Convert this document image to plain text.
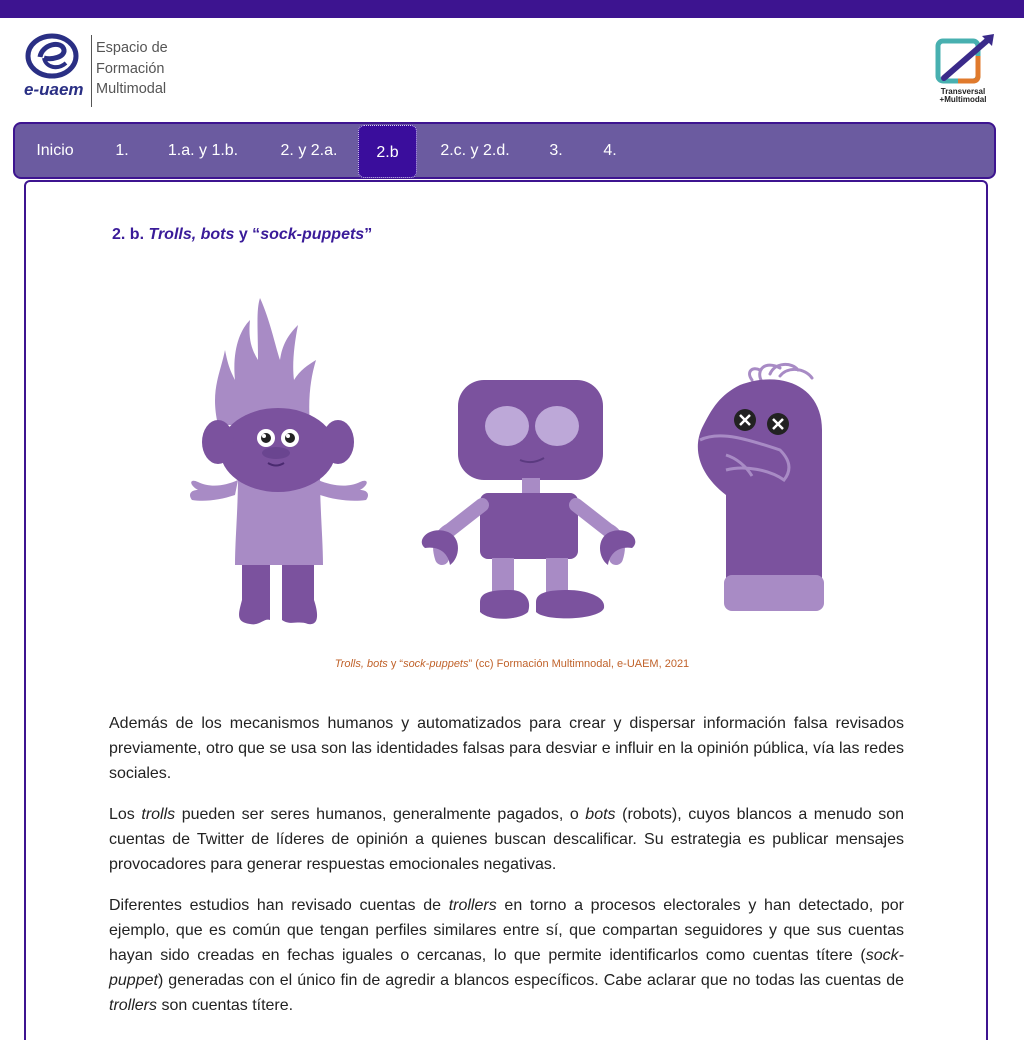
e-uaem
Espacio de
Formación
Multimodal	Transversal
+Multimodal
Inicio	1.	1.a. y 1.b.	2. y 2.a.	2.b	2.c. y 2.d.	3.	4.
2. b. Trolls, bots y “sock-puppets”
Trolls, bots y “sock-puppets” (cc) Formación Multimnodal, e-UAEM, 2021

Además de los mecanismos humanos y automatizados para crear y dispersar información falsa revisados previamente, otro que se usa son las identidades falsas para desviar e influir en la opinión pública, vía las redes sociales.

Los trolls pueden ser seres humanos, generalmente pagados, o bots (robots), cuyos blancos a menudo son cuentas de Twitter de líderes de opinión a quienes buscan descalificar. Su estrategia es publicar mensajes provocadores para generar respuestas emocionales negativas.

Diferentes estudios han revisado cuentas de trollers en torno a procesos electorales y han detectado, por ejemplo, que es común que tengan perfiles similares entre sí, que compartan seguidores y que sus cuentas hayan sido creadas en fechas iguales o cercanas, lo que permite identificarlos como cuentas títere (sock-puppet) generadas con el único fin de agredir a blancos específicos. Cabe aclarar que no todas las cuentas de trollers son cuentas títere.
